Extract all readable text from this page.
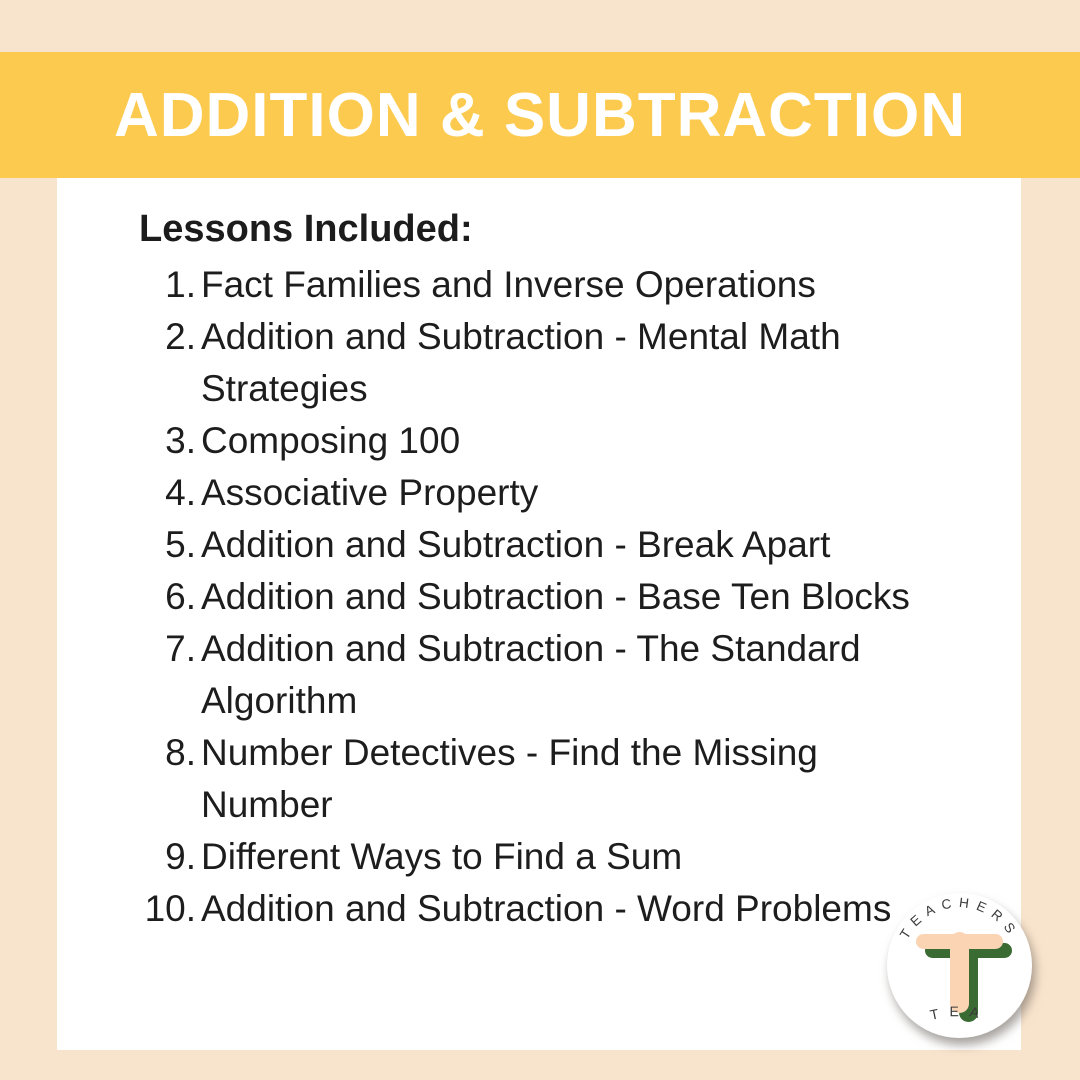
ADDITION & SUBTRACTION
Lessons Included:
1. Fact Families and Inverse Operations
2. Addition and Subtraction - Mental Math Strategies
3. Composing 100
4. Associative Property
5. Addition and Subtraction - Break Apart
6. Addition and Subtraction - Base Ten Blocks
7. Addition and Subtraction - The Standard Algorithm
8. Number Detectives - Find the Missing Number
9. Different Ways to Find a Sum
10. Addition and Subtraction - Word Problems
TEACHERS
TEA
